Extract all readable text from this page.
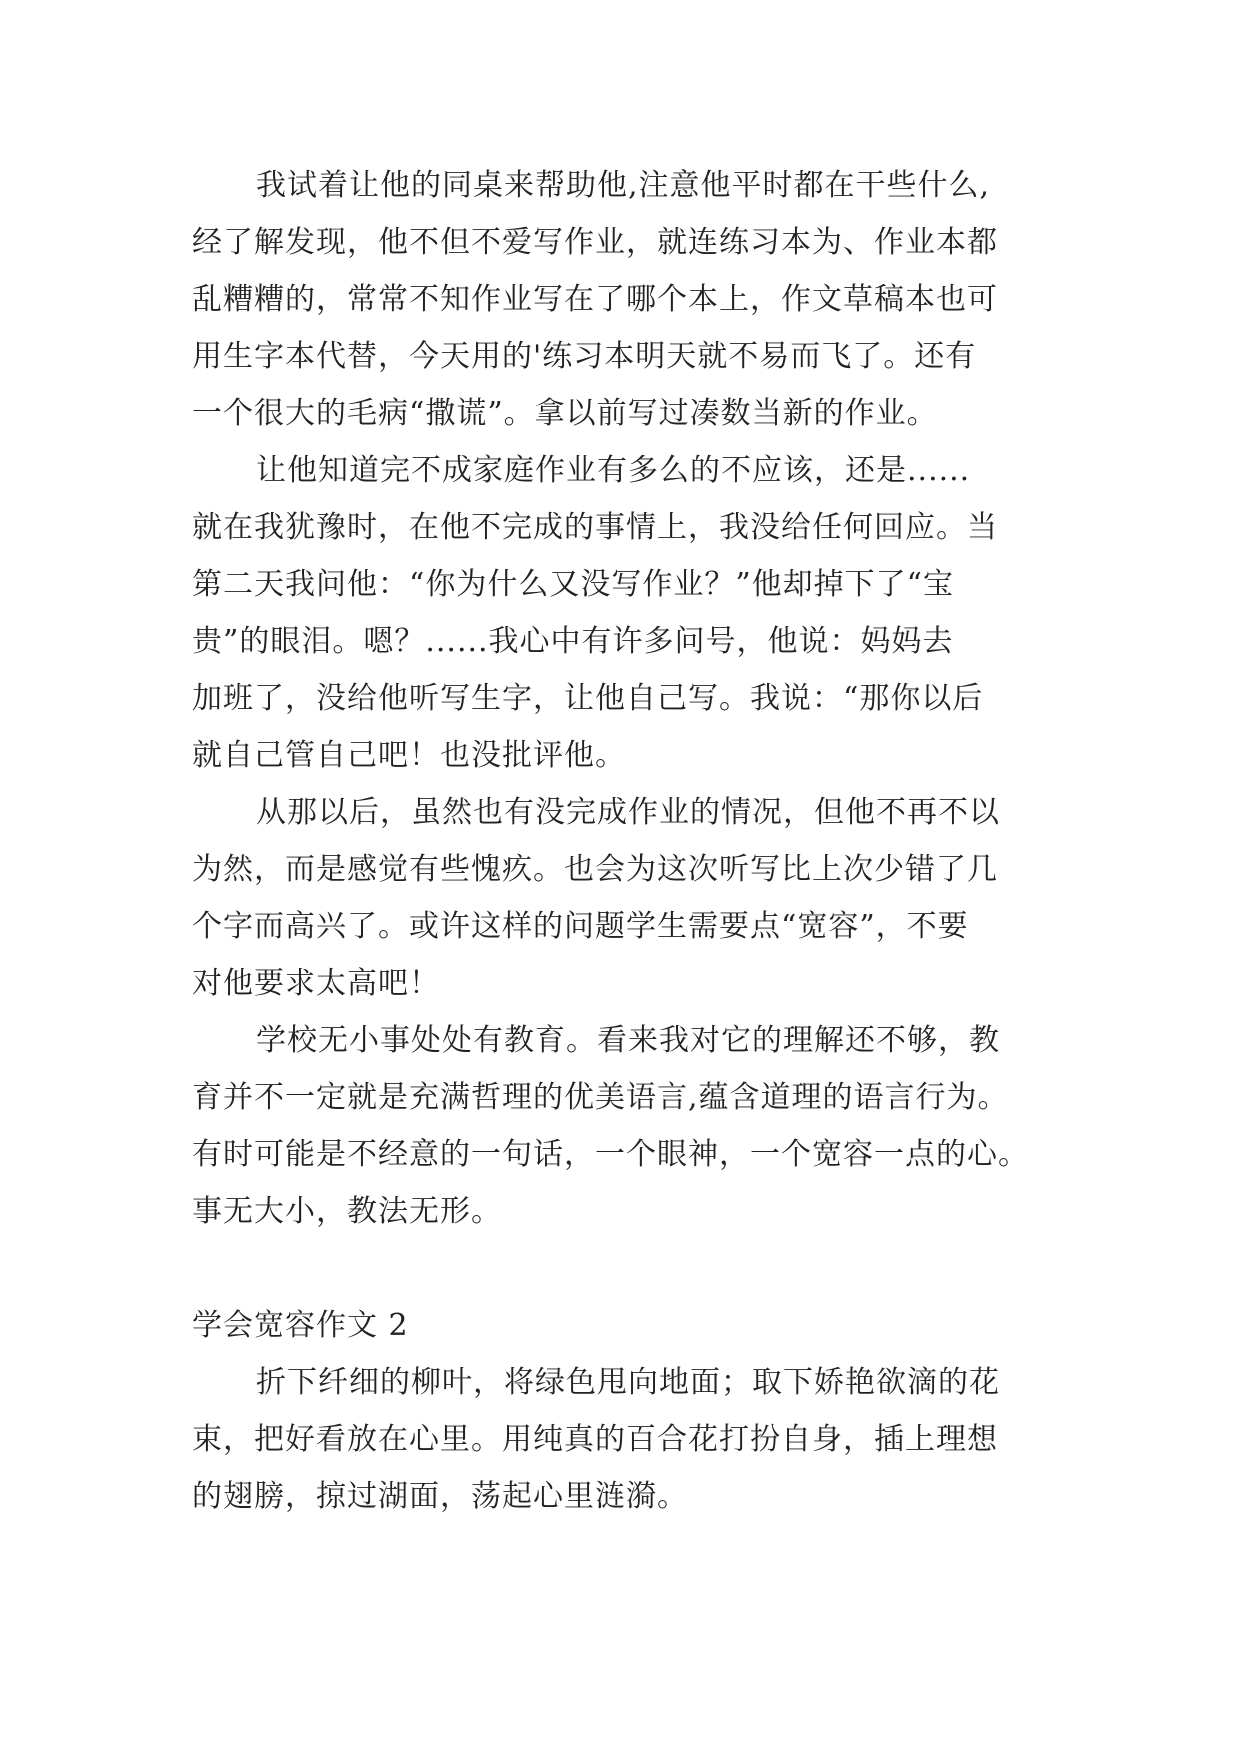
我试着让他的同桌来帮助他,注意他平时都在干些什么,
经了解发现，他不但不爱写作业，就连练习本为、作业本都
乱糟糟的，常常不知作业写在了哪个本上，作文草稿本也可
用生字本代替，今天用的'练习本明天就不易而飞了。还有
一个很大的毛病“撒谎”。拿以前写过凑数当新的作业。
让他知道完不成家庭作业有多么的不应该，还是......
就在我犹豫时，在他不完成的事情上，我没给任何回应。当
第二天我问他：“你为什么又没写作业？”他却掉下了“宝
贵”的眼泪。嗯？......我心中有许多问号，他说：妈妈去
加班了，没给他听写生字，让他自己写。我说：“那你以后
就自己管自己吧！也没批评他。
从那以后，虽然也有没完成作业的情况，但他不再不以
为然，而是感觉有些愧疚。也会为这次听写比上次少错了几
个字而高兴了。或许这样的问题学生需要点“宽容”，不要
对他要求太高吧！
学校无小事处处有教育。看来我对它的理解还不够，教
育并不一定就是充满哲理的优美语言,蕴含道理的语言行为。
有时可能是不经意的一句话，一个眼神，一个宽容一点的心。
事无大小，教法无形。
学会宽容作文 2
折下纤细的柳叶，将绿色甩向地面；取下娇艳欲滴的花
束，把好看放在心里。用纯真的百合花打扮自身，插上理想
的翅膀，掠过湖面，荡起心里涟漪。
